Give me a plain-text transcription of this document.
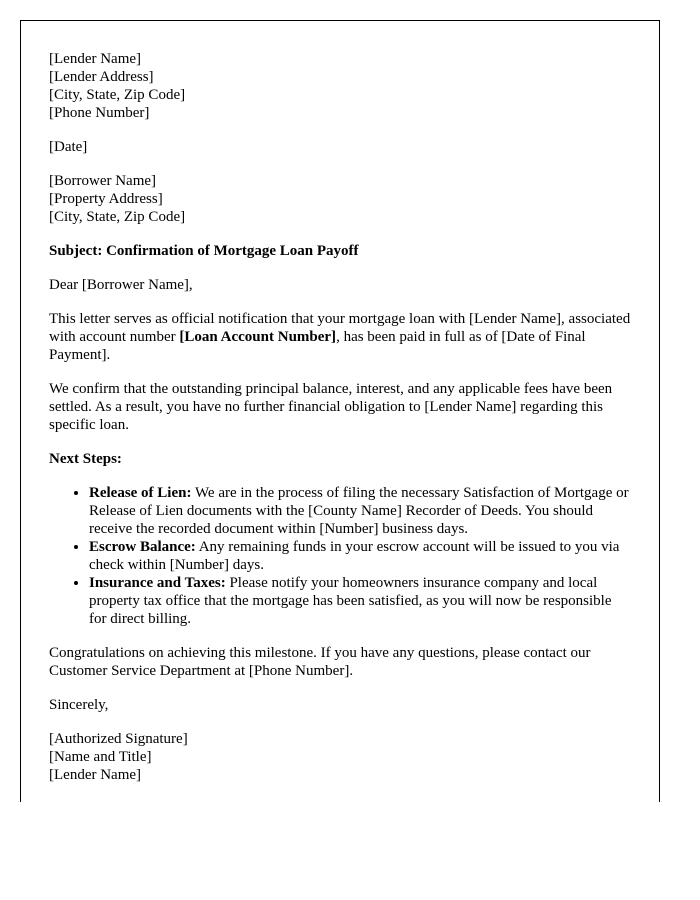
[Lender Name]
[Lender Address]
[City, State, Zip Code]
[Phone Number]
[Date]
[Borrower Name]
[Property Address]
[City, State, Zip Code]

Subject: Confirmation of Mortgage Loan Payoff

Dear [Borrower Name],

This letter serves as official notification that your mortgage loan with [Lender Name], associated with account number [Loan Account Number], has been paid in full as of [Date of Final Payment].

We confirm that the outstanding principal balance, interest, and any applicable fees have been settled. As a result, you have no further financial obligation to [Lender Name] regarding this specific loan.

Next Steps:

• Release of Lien: We are in the process of filing the necessary Satisfaction of Mortgage or Release of Lien documents with the [County Name] Recorder of Deeds. You should receive the recorded document within [Number] business days.
• Escrow Balance: Any remaining funds in your escrow account will be issued to you via check within [Number] days.
• Insurance and Taxes: Please notify your homeowners insurance company and local property tax office that the mortgage has been satisfied, as you will now be responsible for direct billing.

Congratulations on achieving this milestone. If you have any questions, please contact our Customer Service Department at [Phone Number].

Sincerely,

[Authorized Signature]
[Name and Title]
[Lender Name]
